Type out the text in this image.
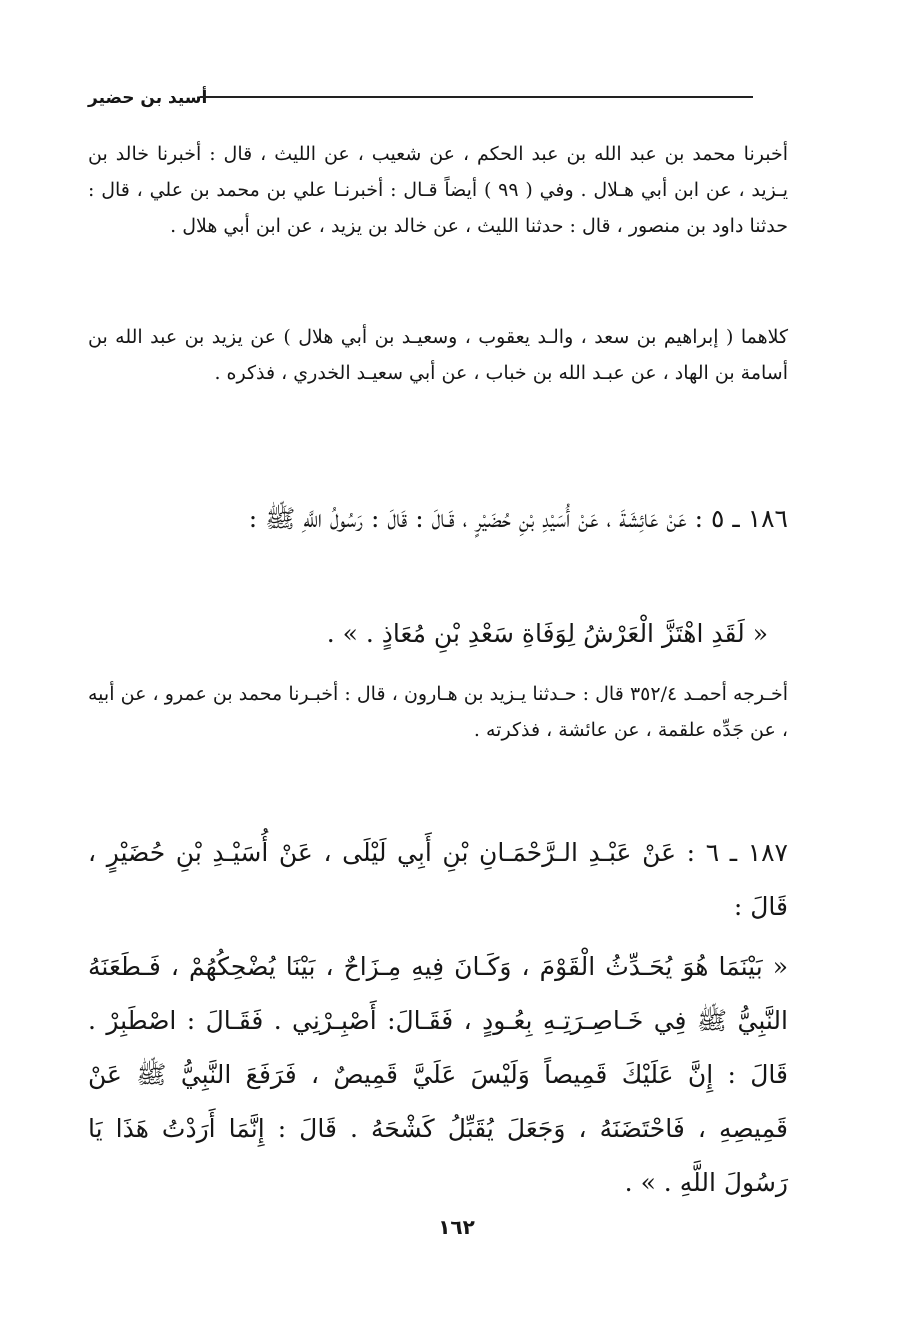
أسيد بن حضير

أخبرنا محمد بن عبد الله بن عبد الحكم ، عن شعيب ، عن الليث ، قال : أخبرنا خالد بن يـزيد ، عن ابن أبي هـلال . وفي ( ٩٩ ) أيضاً قـال : أخبرنـا علي بن محمد بن علي ، قال : حدثنا داود بن منصور ، قال : حدثنا الليث ، عن خالد بن يزيد ، عن ابن أبي هلال .

كلاهما ( إبراهيم بن سعد ، والـد يعقوب ، وسعيـد بن أبي هلال ) عن يزيد بن عبد الله بن أسامة بن الهاد ، عن عبـد الله بن خباب ، عن أبي سعيـد الخدري ، فذكره .

١٨٦ ـ ٥ : عَنْ عَائِشَةَ ، عَنْ أُسَيْدِ بْنِ حُضَيْرٍ ، قَـالَ : قَالَ : رَسُولُ اللَّهِ ﷺ :

« لَقَدِ اهْتَزَّ الْعَرْشُ لِوَفَاةِ سَعْدِ بْنِ مُعَاذٍ . » .

أخـرجه أحمـد ٣٥٢/٤ قال : حـدثنا يـزيد بن هـارون ، قال : أخبـرنا محمد بن عمرو ، عن أبيه ، عن جَدِّه علقمة ، عن عائشة ، فذكرته .

١٨٧ ـ ٦ : عَنْ عَبْـدِ الـرَّحْمَـانِ بْنِ أَبِي لَيْلَى ، عَنْ أُسَيْـدِ بْنِ حُضَيْرٍ ، قَالَ :

« بَيْنَمَا هُوَ يُحَـدِّثُ الْقَوْمَ ، وَكَـانَ فِيهِ مِـزَاحٌ ، بَيْنَا يُضْحِكُهُمْ ، فَـطَعَنَهُ النَّبِيُّ ﷺ فِي خَـاصِـرَتِـهِ بِعُـودٍ ، فَقَـالَ: أَصْبِـرْنِي . فَقَـالَ : اصْطَبِرْ . قَالَ : إِنَّ عَلَيْكَ قَمِيصاً وَلَيْسَ عَلَيَّ قَمِيصٌ ، فَرَفَعَ النَّبِيُّ ﷺ عَنْ قَمِيصِهِ ، فَاحْتَضَنَهُ ، وَجَعَلَ يُقَبِّلُ كَشْحَهُ . قَالَ : إِنَّمَا أَرَدْتُ هَذَا يَا رَسُولَ اللَّهِ . » .

١٦٢
